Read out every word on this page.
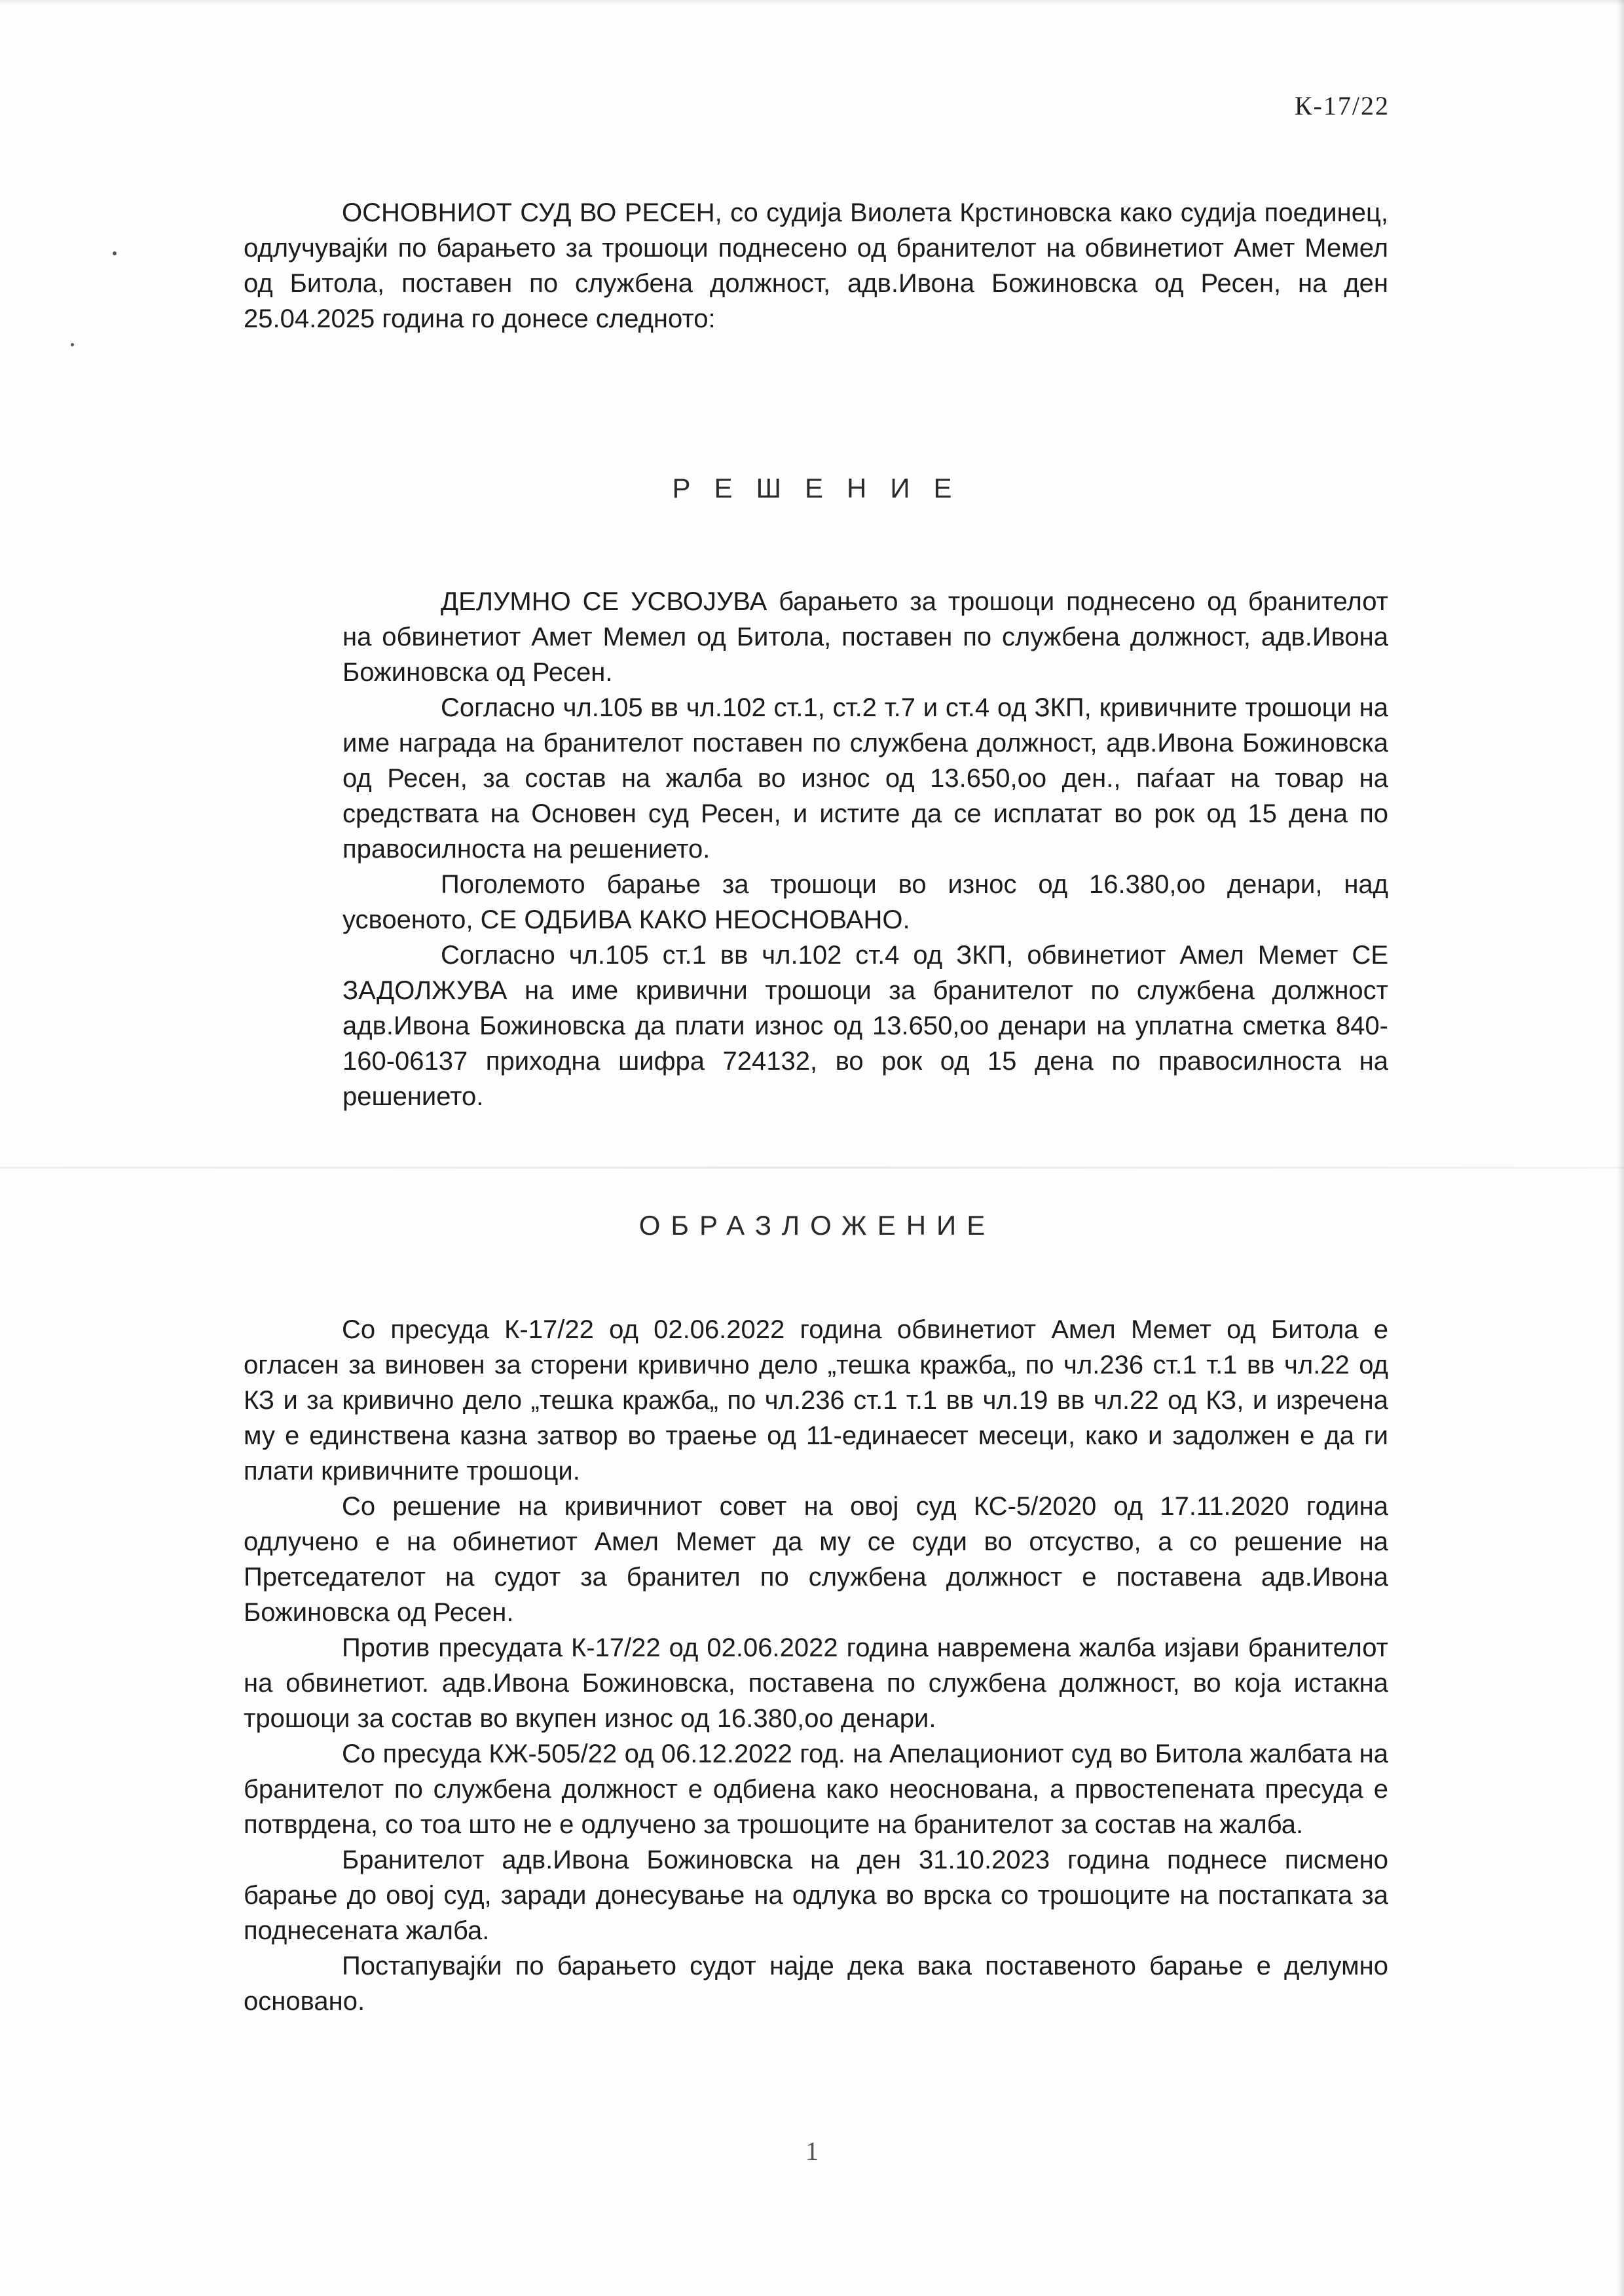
К-17/22

ОСНОВНИОТ СУД ВО РЕСЕН, со судија Виолета Крстиновска како судија поединец, одлучувајќи по барањето за трошоци поднесено од бранителот на обвинетиот Амет Мемел од Битола, поставен по службена должност, адв.Ивона Божиновска од Ресен, на ден 25.04.2025 година го донесе следното:

РЕШЕНИЕ

ДЕЛУМНО СЕ УСВОЈУВА барањето за трошоци поднесено од бранителот на обвинетиот Амет Мемел од Битола, поставен по службена должност, адв.Ивона Божиновска од Ресен.

Согласно чл.105 вв чл.102 ст.1, ст.2 т.7 и ст.4 од ЗКП, кривичните трошоци на име награда на бранителот поставен по службена должност, адв.Ивона Божиновска од Ресен, за состав на жалба во износ од 13.650,оо ден., паѓаат на товар на средствата на Основен суд Ресен, и истите да се исплатат во рок од 15 дена по правосилноста на решението.

Поголемото барање за трошоци во износ од 16.380,оо денари, над усвоеното, СЕ ОДБИВА КАКО НЕОСНОВАНО.

Согласно чл.105 ст.1 вв чл.102 ст.4 од ЗКП, обвинетиот Амел Мемет СЕ ЗАДОЛЖУВА на име кривични трошоци за бранителот по службена должност адв.Ивона Божиновска да плати износ од 13.650,оо денари на уплатна сметка 840-160-06137 приходна шифра 724132, во рок од 15 дена по правосилноста на решението.

ОБРАЗЛОЖЕНИЕ

Со пресуда К-17/22 од 02.06.2022 година обвинетиот Амел Мемет од Битола е огласен за виновен за сторени кривично дело „тешка кражба„ по чл.236 ст.1 т.1 вв чл.22 од КЗ и за кривично дело „тешка кражба„ по чл.236 ст.1 т.1 вв чл.19 вв чл.22 од КЗ, и изречена му е единствена казна затвор во траење од 11-единаесет месеци, како и задолжен е да ги плати кривичните трошоци.

Со решение на кривичниот совет на овој суд КС-5/2020 од 17.11.2020 година одлучено е на обинетиот Амел Мемет да му се суди во отсуство, а со решение на Претседателот на судот за бранител по службена должност е поставена адв.Ивона Божиновска од Ресен.

Против пресудата К-17/22 од 02.06.2022 година навремена жалба изјави бранителот на обвинетиот. адв.Ивона Божиновска, поставена по службена должност, во која истакна трошоци за состав во вкупен износ од 16.380,оо денари.

Со пресуда КЖ-505/22 од 06.12.2022 год. на Апелациониот суд во Битола жалбата на бранителот по службена должност е одбиена како неоснована, а првостепената пресуда е потврдена, со тоа што не е одлучено за трошоците на бранителот за состав на жалба.

Бранителот адв.Ивона Божиновска на ден 31.10.2023 година поднесе писмено барање до овој суд, заради донесување на одлука во врска со трошоците на постапката за поднесената жалба.

Постапувајќи по барањето судот најде дека вака поставеното барање е делумно основано.

1
